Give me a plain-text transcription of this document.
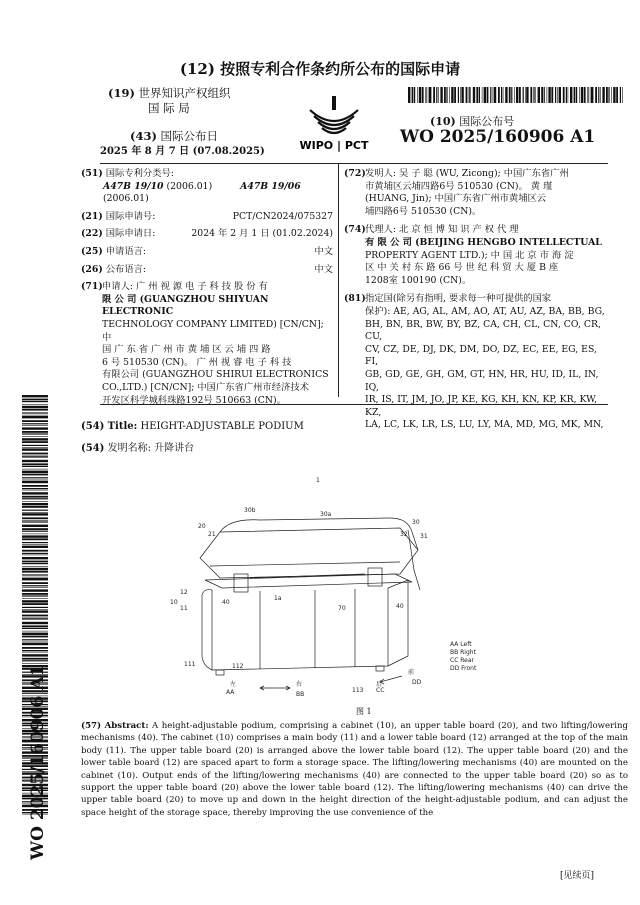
(12) 按照专利合作条约所公布的国际申请
(19) 世界知识产权组织
国 际 局
(43) 国际公布日
2025 年 8 月 7 日 (07.08.2025)	WIPO | PCT
(10) 国际公布号
WO 2025/160906 A1
(51) 国际专利分类号:
A47B 19/10 (2006.01)	A47B 19/06 (2006.01)
(21) 国际申请号:	PCT/CN2024/075327
(22) 国际申请日:	2024 年 2 月 1 日 (01.02.2024)
(25) 申请语言:	中文
(26) 公布语言:	中文
(71) 申请人: 广 州 视 源 电 子 科 技 股 份 有
限 公 司 (GUANGZHOU SHIYUAN ELECTRONIC
TECHNOLOGY COMPANY LIMITED) [CN/CN]; 中
国 广 东 省 广 州 市 黄 埔 区 云 埔 四 路
6 号 510530 (CN)。 广 州 视 睿 电 子 科 技
有限公司 (GUANGZHOU SHIRUI ELECTRONICS
CO.,LTD.) [CN/CN]; 中国广东省广州市经济技术
开发区科学城科珠路192号 510663 (CN)。
(72) 发明人: 吴 子 聪 (WU, Zicong); 中国广东省广州
市黄埔区云埔四路6号 510530 (CN)。 黄 瑾
(HUANG, Jin); 中国广东省广州市黄埔区云
埔四路6号 510530 (CN)。
(74) 代理人: 北 京 恒 博 知 识 产 权 代 理
有 限 公 司 (BEIJING HENGBO INTELLECTUAL
PROPERTY AGENT LTD.); 中 国 北 京 市 海 淀
区 中 关 村 东 路 66 号 世 纪 科 贸 大 厦 B 座
1208室 100190 (CN)。
(81) 指定国(除另有指明, 要求每一种可提供的国家
保护): AE, AG, AL, AM, AO, AT, AU, AZ, BA, BB, BG,
BH, BN, BR, BW, BY, BZ, CA, CH, CL, CN, CO, CR, CU,
CV, CZ, DE, DJ, DK, DM, DO, DZ, EC, EE, EG, ES, FI,
GB, GD, GE, GH, GM, GT, HN, HR, HU, ID, IL, IN, IQ,
IR, IS, IT, JM, JO, JP, KE, KG, KH, KN, KP, KR, KW, KZ,
LA, LC, LK, LR, LS, LU, LY, MA, MD, MG, MK, MN,
(54) Title: HEIGHT-ADJUSTABLE PODIUM
(54) 发明名称: 升降讲台
1
20
21
30b
30a
30
32 31
12
10
11
40
1a
70	40
111	112
113
左
AA
右
BB
后
CC
前
DD
AA Left
BB Right
CC Rear
DD Front
图 1
(57) Abstract: A height-adjustable podium, comprising a cabinet (10), an upper table board (20), and two lifting/lowering mechanisms (40). The cabinet (10) comprises a main body (11) and a lower table board (12) arranged at the top of the main body (11). The upper table board (20) is arranged above the lower table board (12). The upper table board (20) and the lower table board (12) are spaced apart to form a storage space. The lifting/lowering mechanisms (40) are mounted on the cabinet (10). Output ends of the lifting/lowering mechanisms (40) are connected to the upper table board (20) so as to support the upper table board (20) above the lower table board (12). The lifting/lowering mechanisms (40) can drive the upper table board (20) to move up and down in the height direction of the height-adjustable podium, and can adjust the space height of the storage space, thereby improving the use convenience of the
WO 2025/160906 A1
[见续页]
